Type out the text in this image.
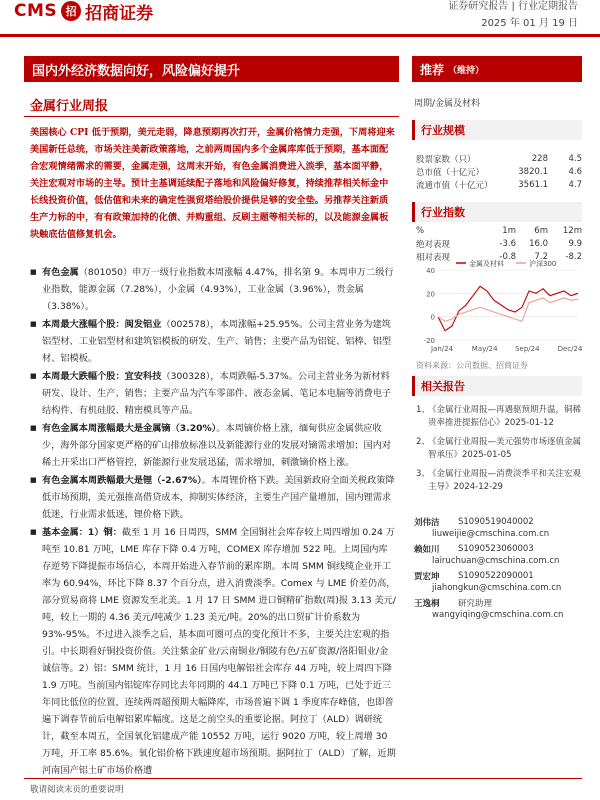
CMS 招 招商证券	证券研究报告 | 行业定期报告
2025 年 01 月 19 日
国内外经济数据向好，风险偏好提升
金属行业周报
美国核心 CPI 低于预期，美元走弱，降息预期再次打开，金属价格情力走强，下周将迎来美国新任总统，市场关注美新政策落地，之前两周国内多个金属库库低于预期，基本面配合宏观情绪需求的需要，金属走强，这周末开始，有色金属消费进入淡季，基本面平静，关注宏观对市场的主导。预计主基调延续配子落地和风险偏好修复，持续推荐相关标金中长线投资价值，低估值和未来的确定性强贸塔给股价提供足够的安全垫。另推荐关注新质生产力标的中，有有政策加持的化债、并购重组、反刷主题等相关标的，以及能源金属板块触底估值修复机会。
■ 有色金属（801050）申万一级行业指数本周涨幅 4.47%，排名第 9。本周申万二级行业指数，能源金属（7.28%），小金属（4.93%），工业金属（3.96%），贵金属（3.38%）。
■ 本周最大涨幅个股：闽发铝业（002578），本周涨幅+25.95%。公司主营业务为建筑铝型材、工业铝型材和建筑铝模板的研发、生产、销售；主要产品为铝锭、铝棒、铝型材、铝模板。
■ 本周最大跌幅个股：宜安科技（300328），本周跌幅-5.37%。公司主营业务为新材料研发、设计、生产、销售；主要产品为汽车零部件、液态金属、笔记本电脑等消费电子结构件、有机硅胶、精密模具等产品。
■ 有色金属本周涨幅最大是金属镝（3.20%）。本周镝价格上涨，缅甸供应金属供应收少，海外部分国家更严格的矿山排放标准以及新能源行业的发展对镝需求增加；国内对稀土开采出口严格管控，新能源行业发展迅猛，需求增加，刺激镝价格上涨。
■ 有色金属本周跌幅最大是锂（-2.67%）。本周锂价格下跌。美国新政府全面关税政策降低市场预期，美元强推高借贷成本，抑制实体经济，主要生产国产量增加，国内锂需求低迷，行业需求低迷，锂价格下跌。
■ 基本金属：1）铜：截至 1 月 16 日周四，SMM 全国铜社会库存较上周四增加 0.24 万吨至 10.81 万吨，LME 库存下降 0.4 万吨，COMEX 库存增加 522 吨。上周国内库存逆势下降提振市场信心，本周开始进入春节前的累库期。本周 SMM 铜线缆企业开工率为 60.94%，环比下降 8.37 个百分点，进入消费淡季。Comex 与 LME 价差仍高，部分贸易商将 LME 资源发至北美。1 月 17 日 SMM 进口铜精矿指数(周)报 3.13 美元/吨，较上一期的 4.36 美元/吨减少 1.23 美元/吨。20%的出口贸矿计价系数为 93%-95%。不过进入淡季之后，基本面可圈可点的变化预计不多，主要关注宏观的指引。中长期看好铜投资价值。关注紫金矿业/云南铜业/铜陵有色/五矿资源/洛阳钼业/金诚信等。2）铝：SMM 统计，1 月 16 日国内电解铝社会库存 44 万吨，较上周四下降 1.9 万吨。当前国内铝锭库存同比去年同期的 44.1 万吨已下降 0.1 万吨，已处于近三年同比低位的位置，连续两周超预期大幅降库，市场普遍下调 1 季度库存峰值，也即普遍下调春节前后电解铝累库幅度。这是之前空头的重要论据。阿拉丁（ALD）调研统计，截至本周五，全国氧化铝建成产能 10552 万吨，运行 9020 万吨，较上周增 30 万吨，开工率 85.6%。氧化铝价格下跌速度超市场预期。据阿拉丁（ALD）了解，近期河南国产铝土矿市场价格遭
推荐 （维持）
周期/金属及材料
行业规模
股票家数（只）	228	4.5
总市值（十亿元）	3820.1	4.6
流通市值（十亿元）	3561.1	4.7
行业指数
%	1m	6m	12m
绝对表现	-3.6	16.0	9.9
相对表现	-0.8	7.2	-8.2
40
20
0
-20
Jan/24	May/24	Sep/24	Dec/24
金属及材料	沪深300
资料来源：公司数据、招商证券
相关报告
1、
《金属行业周报—再遇驱预期升温，铜稀贵率推进提振信心》2025-01-12
2、
《金属行业周报—美元强势市场逐值金属智承压》2025-01-05
3、
《金属行业周报—消费淡季平和关注宏观主导》2024-12-29
刘伟洁	S1090519040002
liuweijie@cmschina.com.cn
赖如川	S1090523060003
lairuchuan@cmschina.com.cn
贾宏坤	S1090522090001
jiahongkun@cmschina.com.cn
王逸桐	研究助理
wangyiqing@cmschina.com.cn
敬请阅读末页的重要说明
